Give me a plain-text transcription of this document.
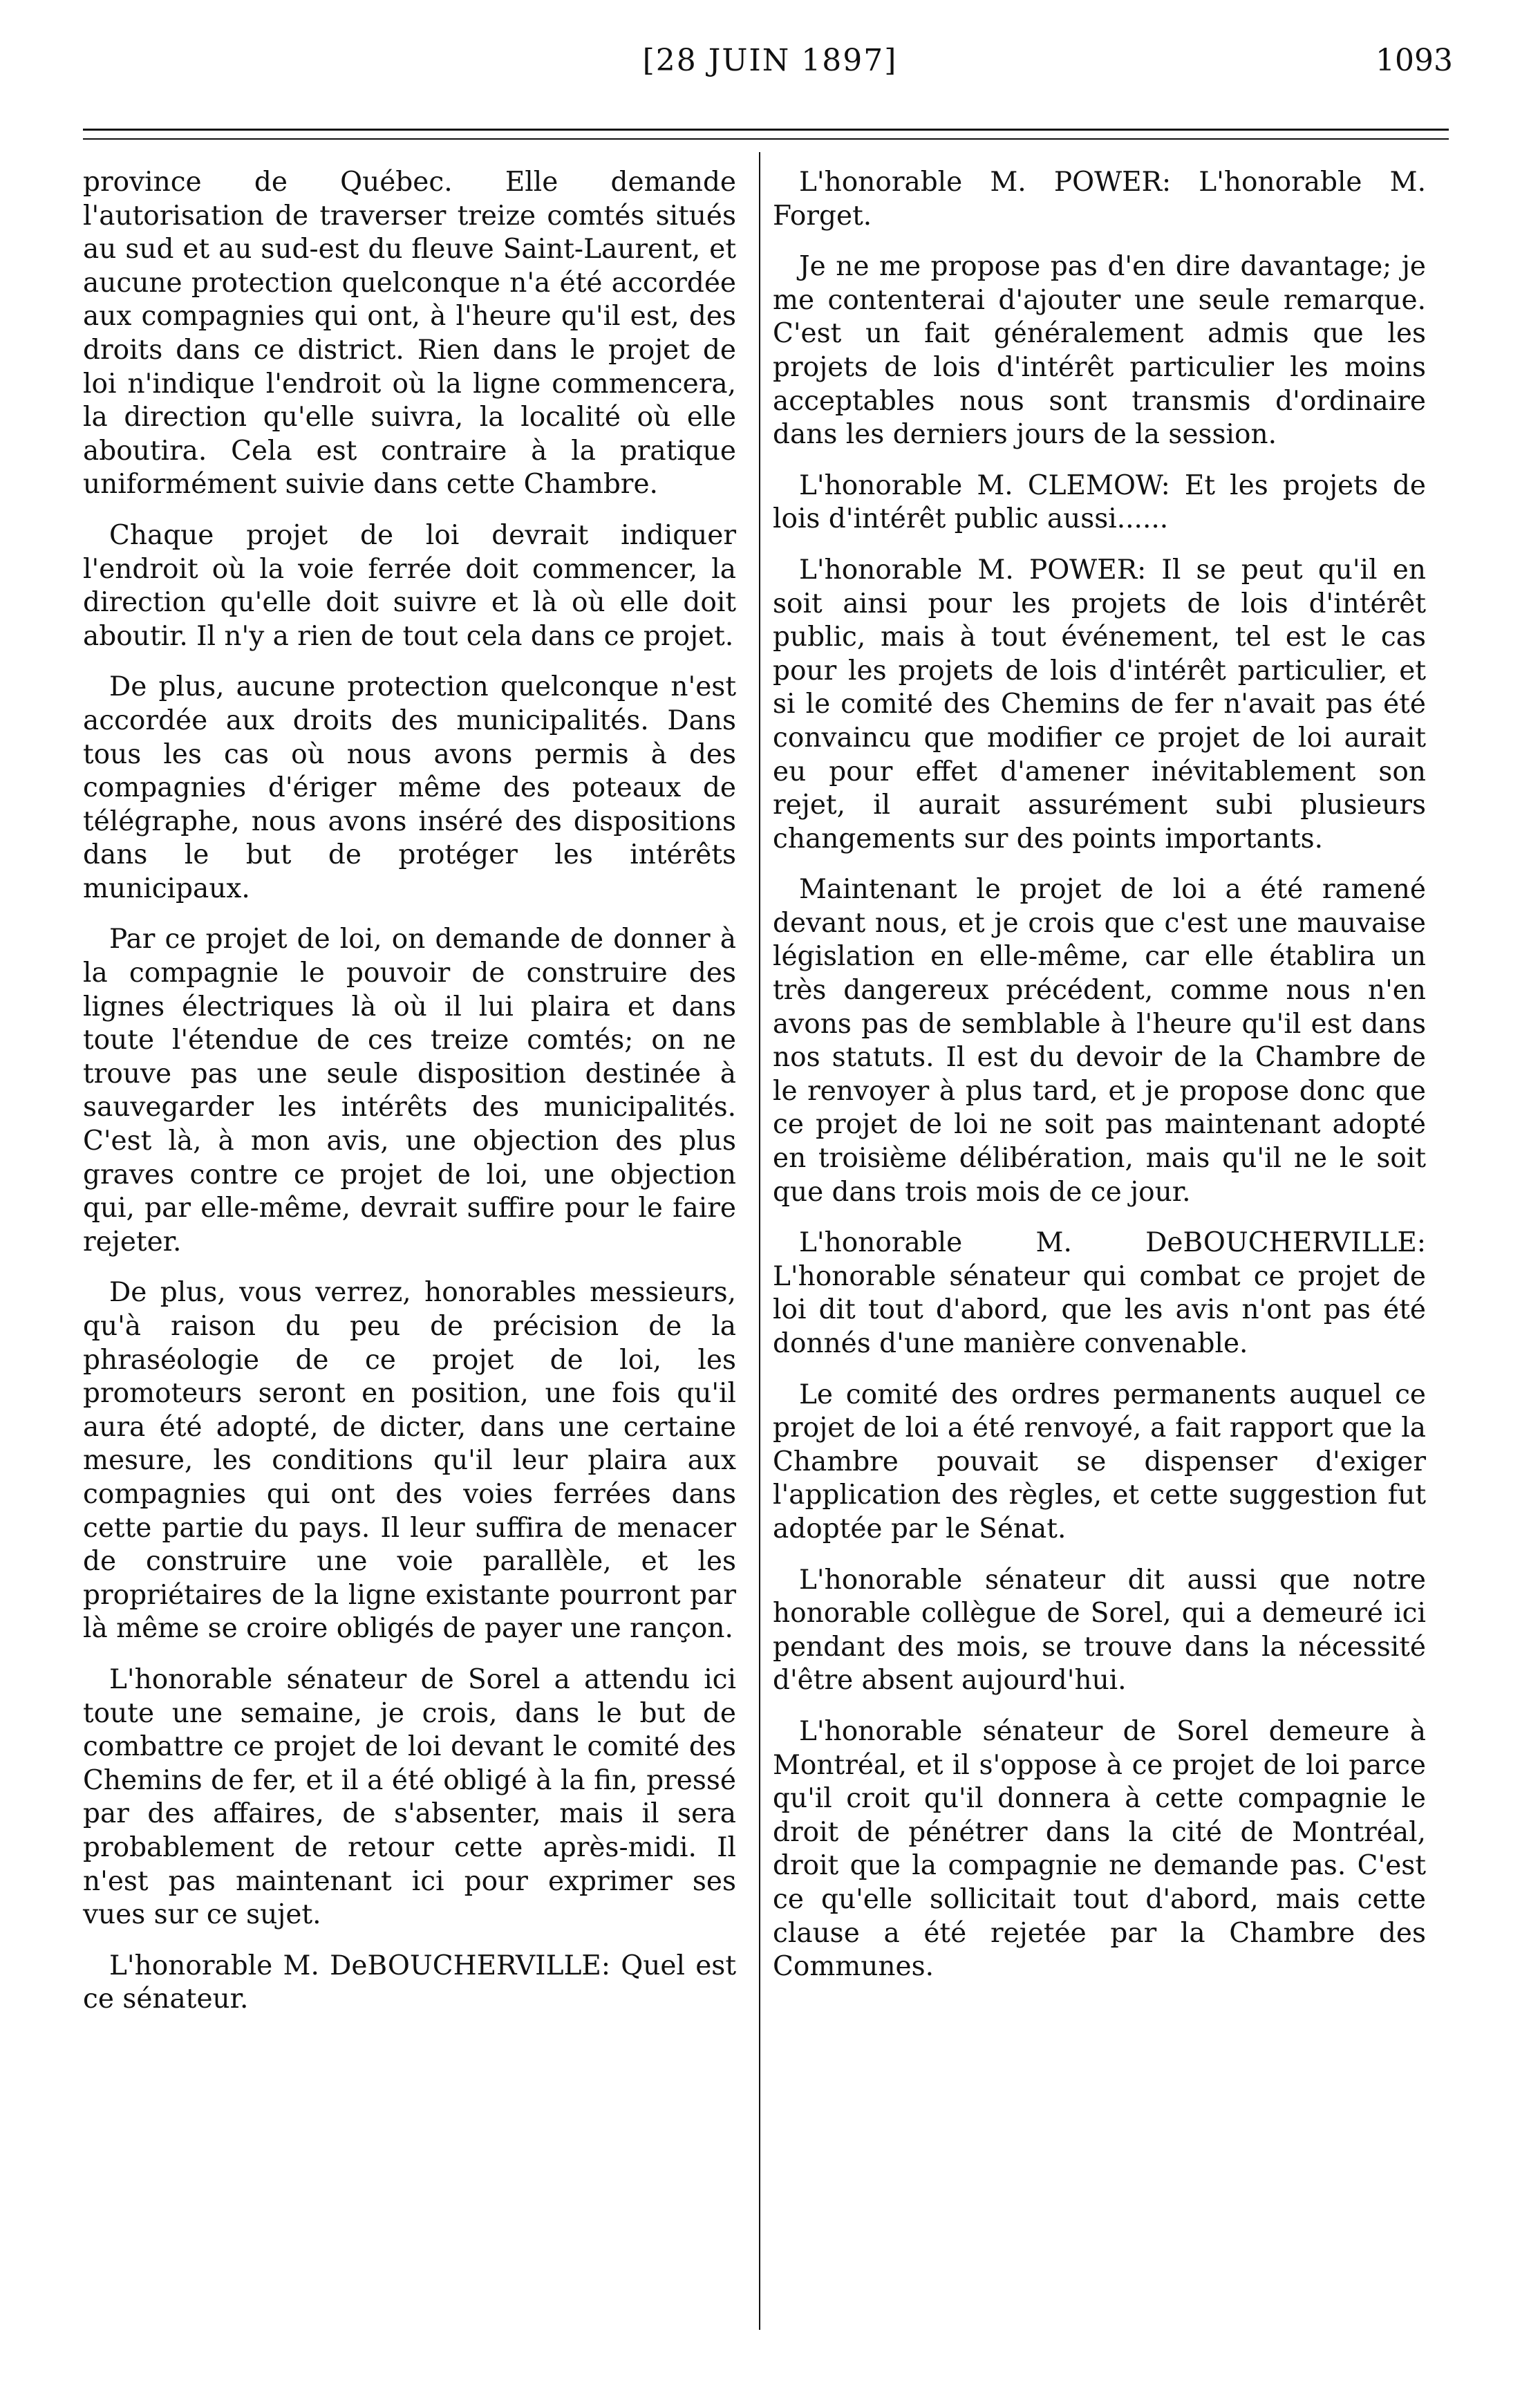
[28 JUIN 1897]	1093

province de Québec. Elle demande l'autorisation de traverser treize comtés situés au sud et au sud-est du fleuve Saint-Laurent, et aucune protection quelconque n'a été accordée aux compagnies qui ont, à l'heure qu'il est, des droits dans ce district. Rien dans le projet de loi n'indique l'endroit où la ligne commencera, la direction qu'elle suivra, la localité où elle aboutira. Cela est contraire à la pratique uniformément suivie dans cette Chambre.

Chaque projet de loi devrait indiquer l'endroit où la voie ferrée doit commencer, la direction qu'elle doit suivre et là où elle doit aboutir. Il n'y a rien de tout cela dans ce projet.

De plus, aucune protection quelconque n'est accordée aux droits des municipalités. Dans tous les cas où nous avons permis à des compagnies d'ériger même des poteaux de télégraphe, nous avons inséré des dispositions dans le but de protéger les intérêts municipaux.

Par ce projet de loi, on demande de donner à la compagnie le pouvoir de construire des lignes électriques là où il lui plaira et dans toute l'étendue de ces treize comtés; on ne trouve pas une seule disposition destinée à sauvegarder les intérêts des municipalités. C'est là, à mon avis, une objection des plus graves contre ce projet de loi, une objection qui, par elle-même, devrait suffire pour le faire rejeter.

De plus, vous verrez, honorables messieurs, qu'à raison du peu de précision de la phraséologie de ce projet de loi, les promoteurs seront en position, une fois qu'il aura été adopté, de dicter, dans une certaine mesure, les conditions qu'il leur plaira aux compagnies qui ont des voies ferrées dans cette partie du pays. Il leur suffira de menacer de construire une voie parallèle, et les propriétaires de la ligne existante pourront par là même se croire obligés de payer une rançon.

L'honorable sénateur de Sorel a attendu ici toute une semaine, je crois, dans le but de combattre ce projet de loi devant le comité des Chemins de fer, et il a été obligé à la fin, pressé par des affaires, de s'absenter, mais il sera probablement de retour cette après-midi. Il n'est pas maintenant ici pour exprimer ses vues sur ce sujet.

L'honorable M. DeBOUCHERVILLE: Quel est ce sénateur.

L'honorable M. POWER: L'honorable M. Forget.

Je ne me propose pas d'en dire davantage; je me contenterai d'ajouter une seule remarque. C'est un fait généralement admis que les projets de lois d'intérêt particulier les moins acceptables nous sont transmis d'ordinaire dans les derniers jours de la session.

L'honorable M. CLEMOW: Et les projets de lois d'intérêt public aussi......

L'honorable M. POWER: Il se peut qu'il en soit ainsi pour les projets de lois d'intérêt public, mais à tout événement, tel est le cas pour les projets de lois d'intérêt particulier, et si le comité des Chemins de fer n'avait pas été convaincu que modifier ce projet de loi aurait eu pour effet d'amener inévitablement son rejet, il aurait assurément subi plusieurs changements sur des points importants.

Maintenant le projet de loi a été ramené devant nous, et je crois que c'est une mauvaise législation en elle-même, car elle établira un très dangereux précédent, comme nous n'en avons pas de semblable à l'heure qu'il est dans nos statuts. Il est du devoir de la Chambre de le renvoyer à plus tard, et je propose donc que ce projet de loi ne soit pas maintenant adopté en troisième délibération, mais qu'il ne le soit que dans trois mois de ce jour.

L'honorable M. DeBOUCHERVILLE: L'honorable sénateur qui combat ce projet de loi dit tout d'abord, que les avis n'ont pas été donnés d'une manière convenable.

Le comité des ordres permanents auquel ce projet de loi a été renvoyé, a fait rapport que la Chambre pouvait se dispenser d'exiger l'application des règles, et cette suggestion fut adoptée par le Sénat.

L'honorable sénateur dit aussi que notre honorable collègue de Sorel, qui a demeuré ici pendant des mois, se trouve dans la nécessité d'être absent aujourd'hui.

L'honorable sénateur de Sorel demeure à Montréal, et il s'oppose à ce projet de loi parce qu'il croit qu'il donnera à cette compagnie le droit de pénétrer dans la cité de Montréal, droit que la compagnie ne demande pas. C'est ce qu'elle sollicitait tout d'abord, mais cette clause a été rejetée par la Chambre des Communes.
